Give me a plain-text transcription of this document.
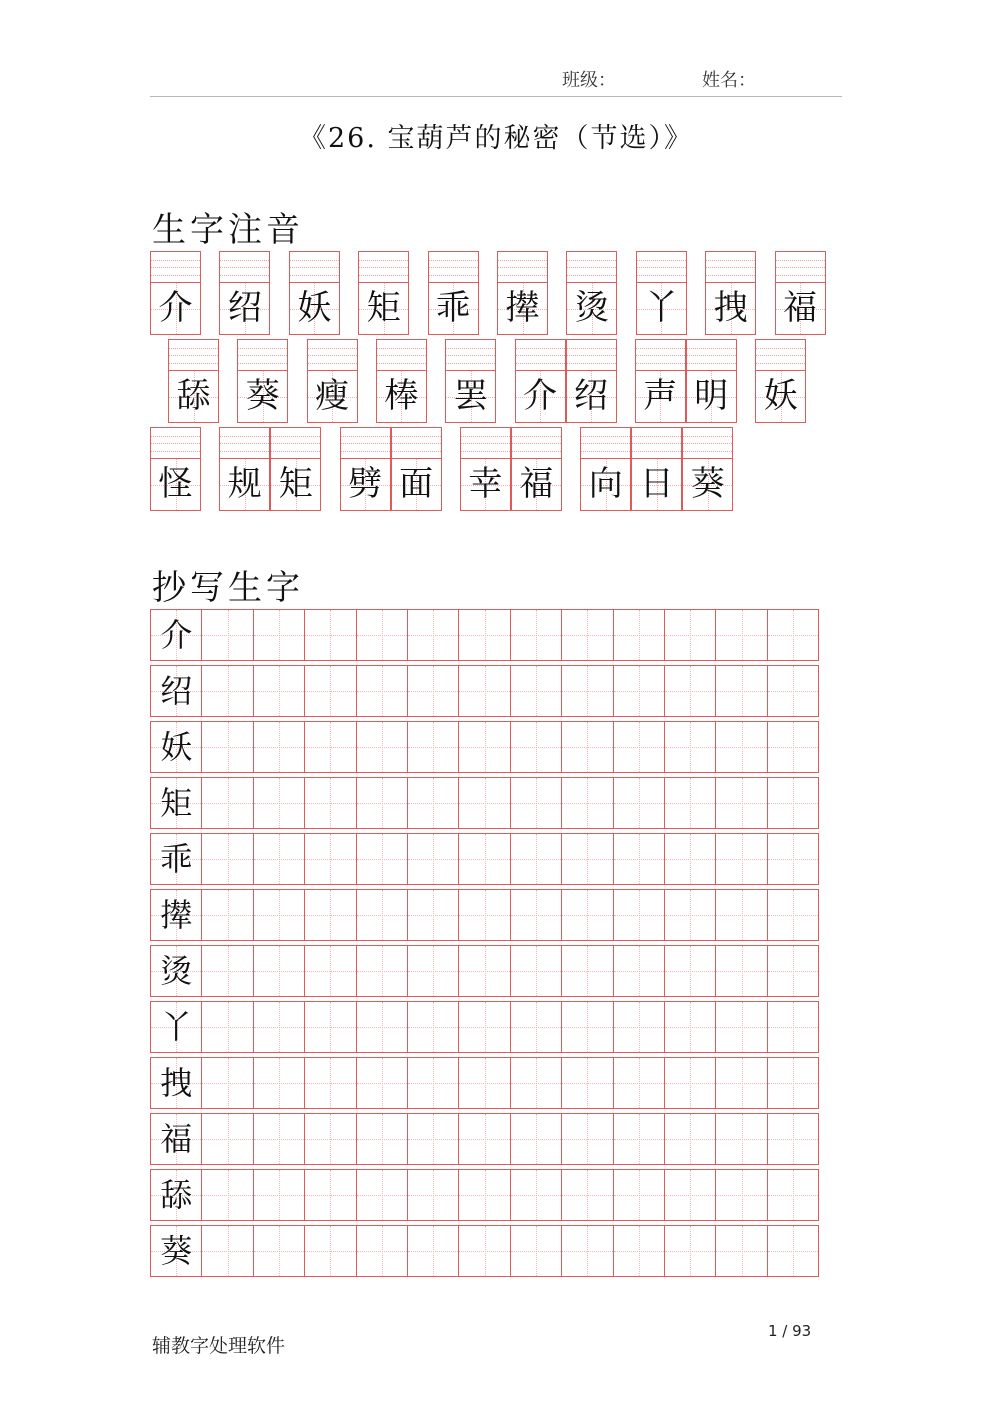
班级：	姓名：
《26. 宝葫芦的秘密（节选）》
生字注音
抄写生字
介 绍 妖 矩 乖 撵 烫 丫 拽 福
舔 葵 瘦 棒 罢 介 绍 声 明 妖
怪 规 矩 劈 面 幸 福 向 日 葵
介
绍
妖
矩
乖
撵
烫
丫
拽
福
舔
葵
辅教字处理软件
1 / 93
